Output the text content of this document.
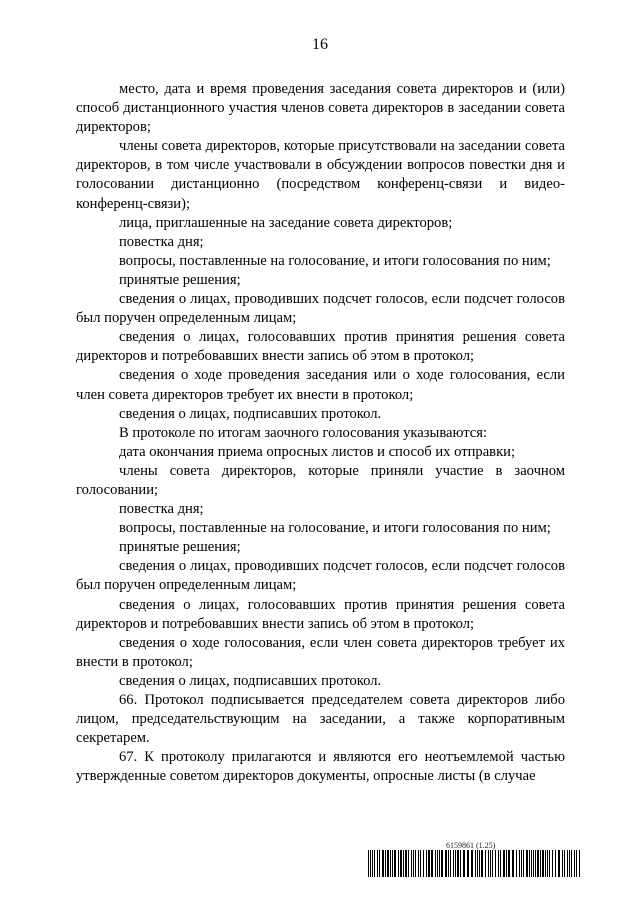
16

место, дата и время проведения заседания совета директоров и (или) способ дистанционного участия членов совета директоров в заседании совета директоров;

члены совета директоров, которые присутствовали на заседании совета директоров, в том числе участвовали в обсуждении вопросов повестки дня и голосовании дистанционно (посредством конференц-связи и видео-конференц-связи);

лица, приглашенные на заседание совета директоров;

повестка дня;

вопросы, поставленные на голосование, и итоги голосования по ним;

принятые решения;

сведения о лицах, проводивших подсчет голосов, если подсчет голосов был поручен определенным лицам;

сведения о лицах, голосовавших против принятия решения совета директоров и потребовавших внести запись об этом в протокол;

сведения о ходе проведения заседания или о ходе голосования, если член совета директоров требует их внести в протокол;

сведения о лицах, подписавших протокол.

В протоколе по итогам заочного голосования указываются:

дата окончания приема опросных листов и способ их отправки;

члены совета директоров, которые приняли участие в заочном голосовании;

повестка дня;

вопросы, поставленные на голосование, и итоги голосования по ним;

принятые решения;

сведения о лицах, проводивших подсчет голосов, если подсчет голосов был поручен определенным лицам;

сведения о лицах, голосовавших против принятия решения совета директоров и потребовавших внести запись об этом в протокол;

сведения о ходе голосования, если член совета директоров требует их внести в протокол;

сведения о лицах, подписавших протокол.

66. Протокол подписывается председателем совета директоров либо лицом, председательствующим на заседании, а также корпоративным секретарем.

67. К протоколу прилагаются и являются его неотъемлемой частью утвержденные советом директоров документы, опросные листы (в случае

6159861 (1.25)
